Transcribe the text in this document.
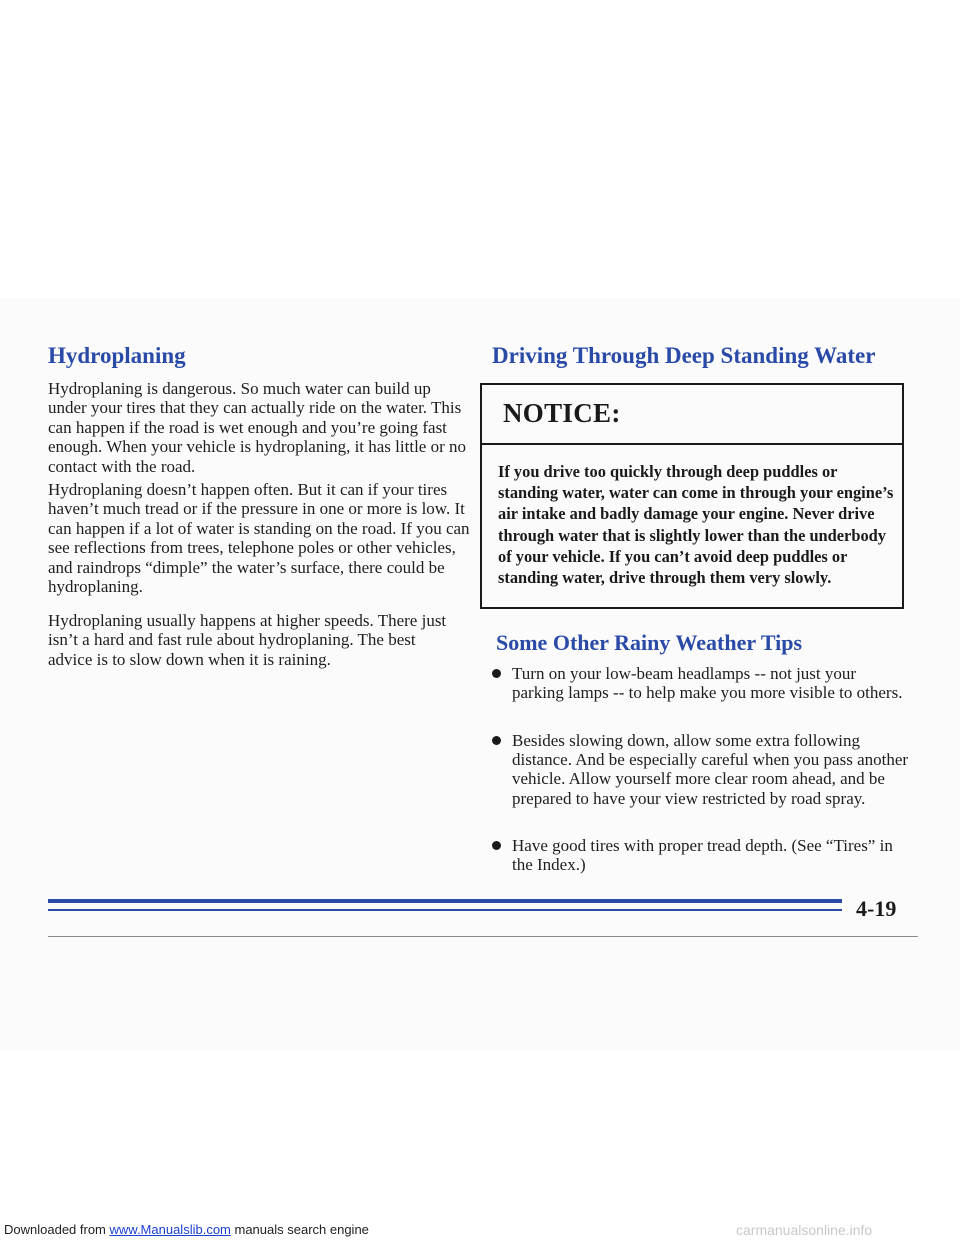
Hydroplaning

Hydroplaning is dangerous. So much water can build up under your tires that they can actually ride on the water. This can happen if the road is wet enough and you’re going fast enough. When your vehicle is hydroplaning, it has little or no contact with the road.

Hydroplaning doesn’t happen often. But it can if your tires haven’t much tread or if the pressure in one or more is low. It can happen if a lot of water is standing on the road. If you can see reflections from trees, telephone poles or other vehicles, and raindrops “dimple” the water’s surface, there could be hydroplaning.

Hydroplaning usually happens at higher speeds. There just isn’t a hard and fast rule about hydroplaning. The best advice is to slow down when it is raining.

Driving Through Deep Standing Water
NOTICE:

If you drive too quickly through deep puddles or standing water, water can come in through your engine’s air intake and badly damage your engine. Never drive through water that is slightly lower than the underbody of your vehicle. If you can’t avoid deep puddles or standing water, drive through them very slowly.

Some Other Rainy Weather Tips

Turn on your low-beam headlamps -- not just your parking lamps -- to help make you more visible to others.

Besides slowing down, allow some extra following distance. And be especially careful when you pass another vehicle. Allow yourself more clear room ahead, and be prepared to have your view restricted by road spray.

Have good tires with proper tread depth. (See “Tires” in the Index.)

4-19

Downloaded from www.Manualslib.com manuals search engine	carmanualsonline.info
